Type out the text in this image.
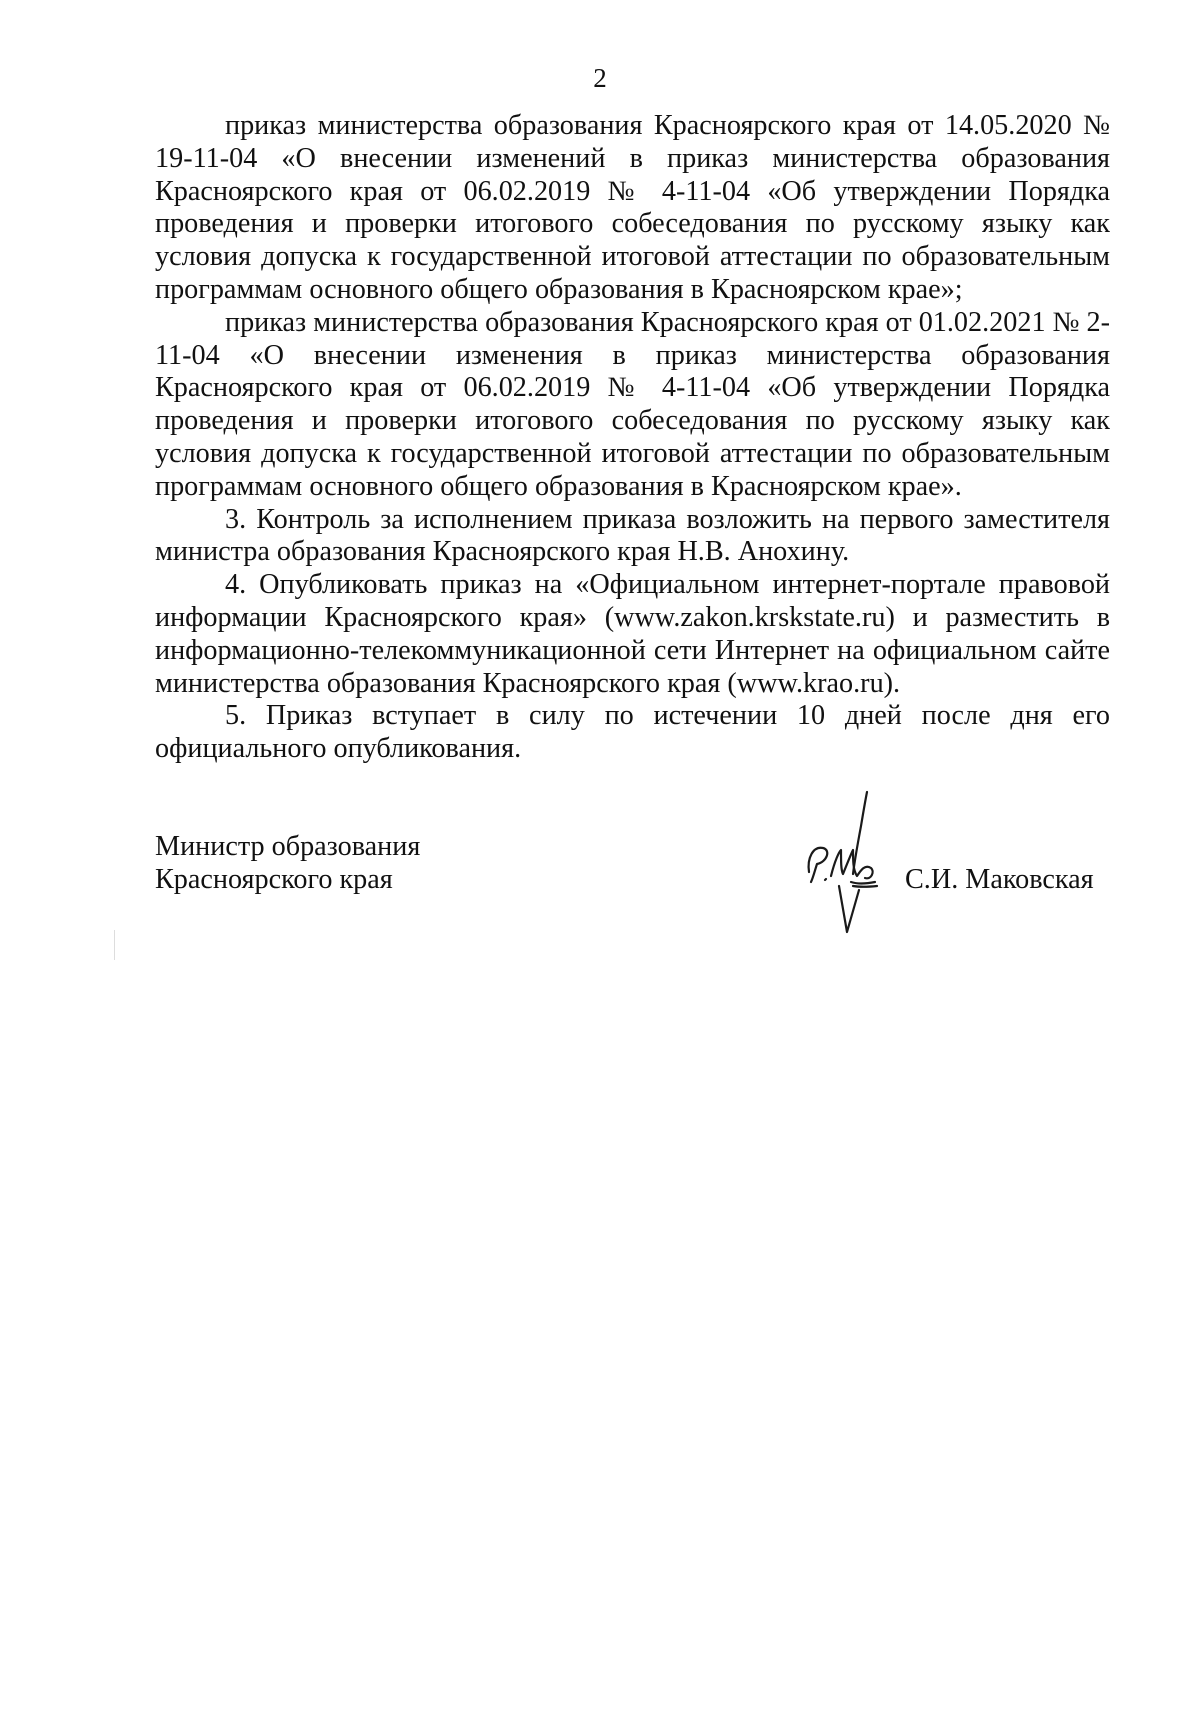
2

приказ министерства образования Красноярского края от 14.05.2020 № 19-11-04 «О внесении изменений в приказ министерства образования Красноярского края от 06.02.2019 № 4-11-04 «Об утверждении Порядка проведения и проверки итогового собеседования по русскому языку как условия допуска к государственной итоговой аттестации по образовательным программам основного общего образования в Красноярском крае»;

приказ министерства образования Красноярского края от 01.02.2021 № 2-11-04 «О внесении изменения в приказ министерства образования Красноярского края от 06.02.2019 № 4-11-04 «Об утверждении Порядка проведения и проверки итогового собеседования по русскому языку как условия допуска к государственной итоговой аттестации по образовательным программам основного общего образования в Красноярском крае».

3. Контроль за исполнением приказа возложить на первого заместителя министра образования Красноярского края Н.В. Анохину.

4. Опубликовать приказ на «Официальном интернет-портале правовой информации Красноярского края» (www.zakon.krskstate.ru) и разместить в информационно-телекоммуникационной сети Интернет на официальном сайте министерства образования Красноярского края (www.krao.ru).

5. Приказ вступает в силу по истечении 10 дней после дня его официального опубликования.

Министр образования

Красноярского края	С.И. Маковская
